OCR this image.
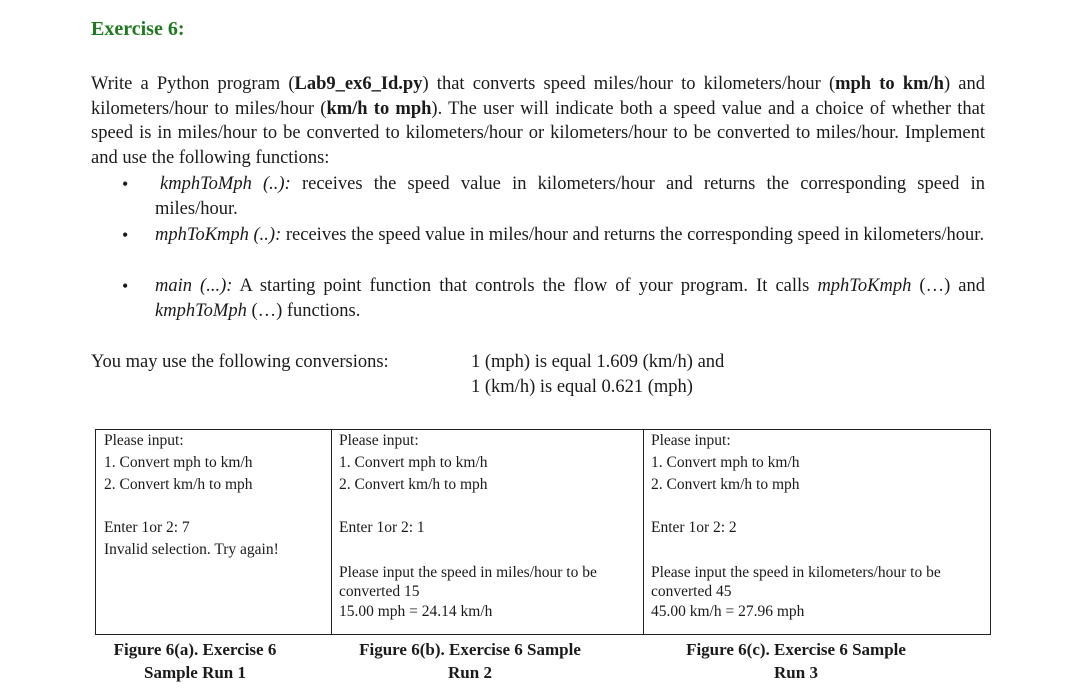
Exercise 6:
Write a Python program (Lab9_ex6_Id.py) that converts speed miles/hour to kilometers/hour (mph to km/h) and kilometers/hour to miles/hour (km/h to mph). The user will indicate both a speed value and a choice of whether that speed is in miles/hour to be converted to kilometers/hour or kilometers/hour to be converted to miles/hour. Implement and use the following functions:
• kmphToMph (..): receives the speed value in kilometers/hour and returns the corresponding speed in miles/hour.
• mphToKmph (..): receives the speed value in miles/hour and returns the corresponding speed in kilometers/hour.
• main (...): A starting point function that controls the flow of your program. It calls mphToKmph (…) and kmphToMph (…) functions.
You may use the following conversions:	1 (mph) is equal 1.609 (km/h) and
1 (km/h) is equal 0.621 (mph)
Please input:
1. Convert mph to km/h
2. Convert km/h to mph
Enter 1or 2: 7
Invalid selection. Try again!
Please input:
1. Convert mph to km/h
2. Convert km/h to mph
Enter 1or 2: 1
Please input the speed in miles/hour to be converted 15
15.00 mph = 24.14 km/h
Please input:
1. Convert mph to km/h
2. Convert km/h to mph
Enter 1or 2: 2
Please input the speed in kilometers/hour to be converted 45
45.00 km/h = 27.96 mph
Figure 6(a). Exercise 6
Sample Run 1
Figure 6(b). Exercise 6 Sample
Run 2
Figure 6(c). Exercise 6 Sample
Run 3
